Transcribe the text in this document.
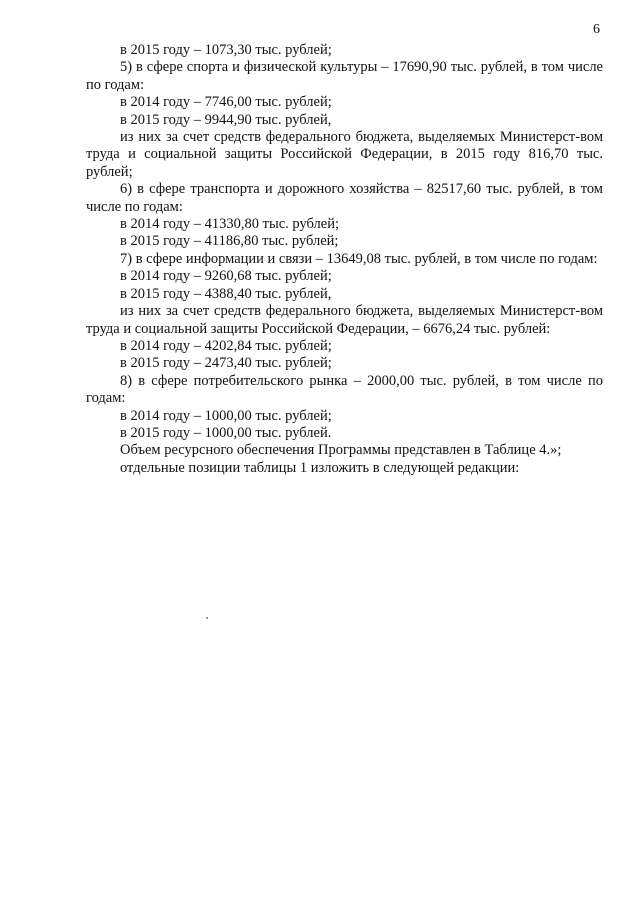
6

в 2015 году – 1073,30 тыс. рублей;

5) в сфере спорта и физической культуры – 17690,90 тыс. рублей, в том числе по годам:

в 2014 году – 7746,00 тыс. рублей;

в 2015 году – 9944,90 тыс. рублей,

из них за счет средств федерального бюджета, выделяемых Министерст-вом труда и социальной защиты Российской Федерации, в 2015 году 816,70 тыс. рублей;

6) в сфере транспорта и дорожного хозяйства – 82517,60 тыс. рублей, в том числе по годам:

в 2014 году – 41330,80 тыс. рублей;

в 2015 году – 41186,80 тыс. рублей;

7) в сфере информации и связи – 13649,08 тыс. рублей, в том числе по годам:

в 2014 году – 9260,68 тыс. рублей;

в 2015 году – 4388,40 тыс. рублей,

из них за счет средств федерального бюджета, выделяемых Министерст-вом труда и социальной защиты Российской Федерации, – 6676,24 тыс. рублей:

в 2014 году – 4202,84 тыс. рублей;

в 2015 году – 2473,40 тыс. рублей;

8) в сфере потребительского рынка – 2000,00 тыс. рублей, в том числе по годам:

в 2014 году – 1000,00 тыс. рублей;

в 2015 году – 1000,00 тыс. рублей.

Объем ресурсного обеспечения Программы представлен в Таблице 4.»;

отдельные позиции таблицы 1 изложить в следующей редакции:
